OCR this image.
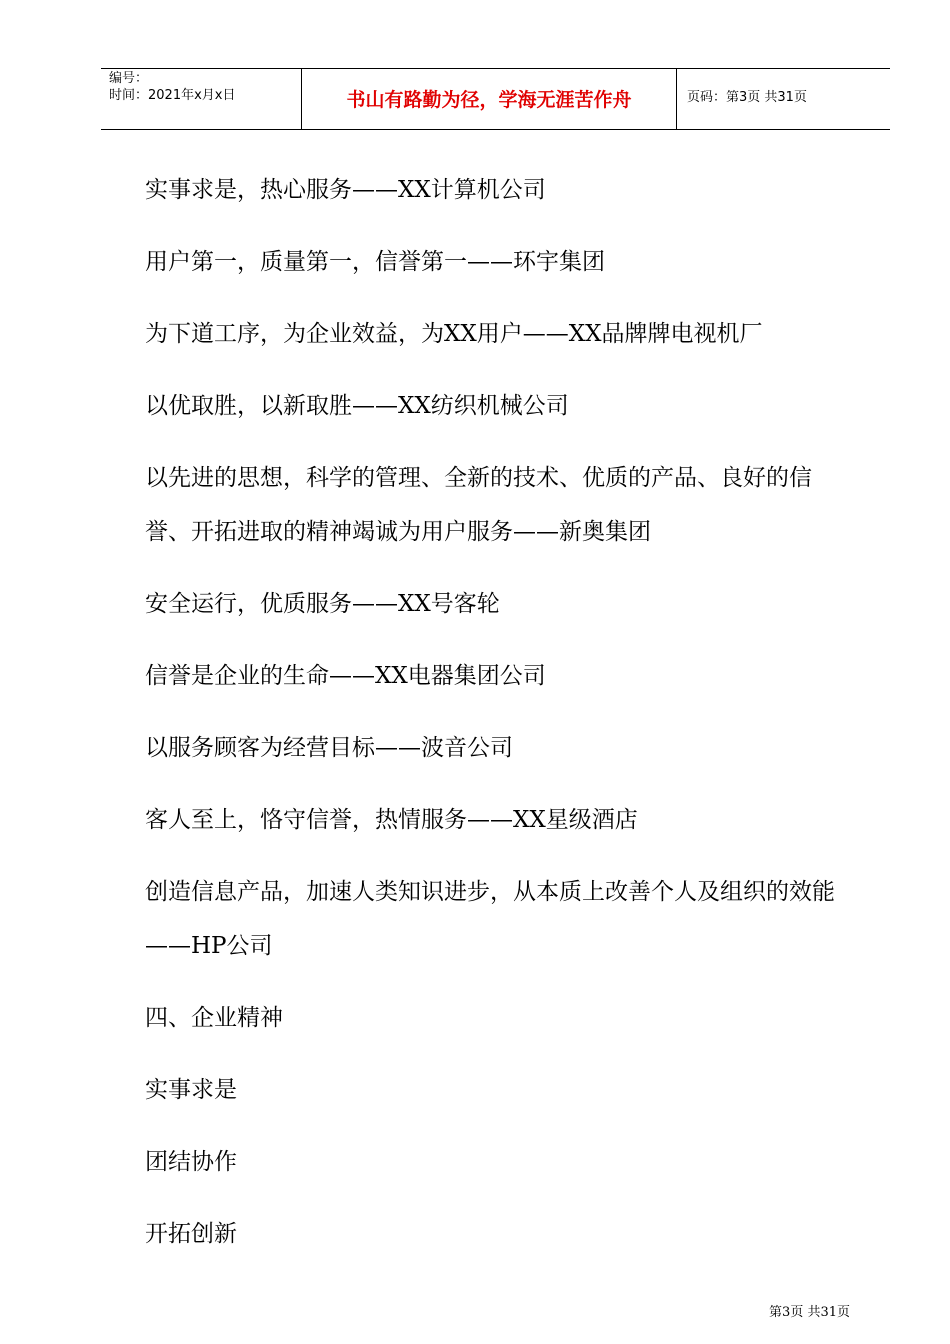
编号：
时间：2021年x月x日	书山有路勤为径，学海无涯苦作舟	页码：第3页 共31页

实事求是，热心服务——XX计算机公司

用户第一，质量第一，信誉第一——环宇集团

为下道工序，为企业效益，为XX用户——XX品牌牌电视机厂

以优取胜，以新取胜——XX纺织机械公司

以先进的思想，科学的管理、全新的技术、优质的产品、良好的信誉、开拓进取的精神竭诚为用户服务——新奥集团

安全运行，优质服务——XX号客轮

信誉是企业的生命——XX电器集团公司

以服务顾客为经营目标——波音公司

客人至上，恪守信誉，热情服务——XX星级酒店

创造信息产品，加速人类知识进步，从本质上改善个人及组织的效能——HP公司

四、企业精神

实事求是

团结协作

开拓创新

第3页 共31页
